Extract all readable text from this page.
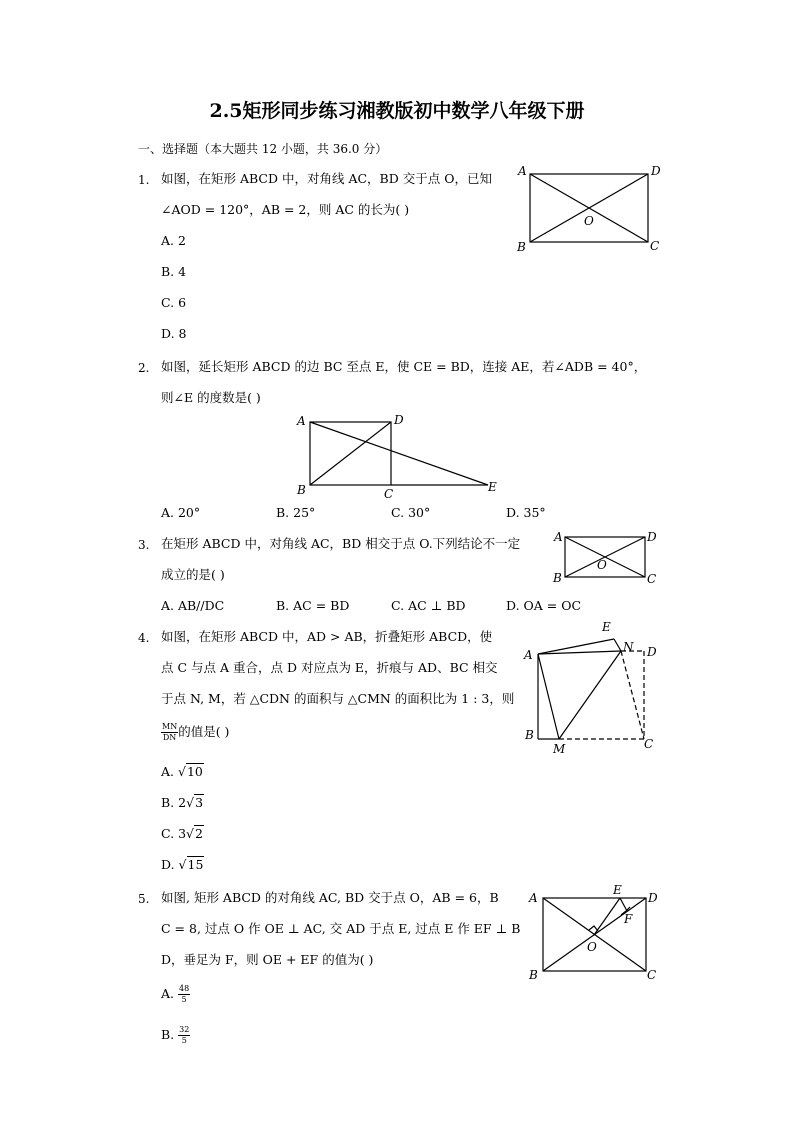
2.5矩形同步练习湘教版初中数学八年级下册
一、选择题（本大题共 12 小题，共 36.0 分）
1. 如图，在矩形 ABCD 中，对角线 AC，BD 交于点 O，已知
∠AOD = 120°，AB = 2，则 AC 的长为( )
A. 2
B. 4
C. 6
D. 8
A	D
O
B	C
2. 如图，延长矩形 ABCD 的边 BC 至点 E，使 CE = BD，连接 AE，若∠ADB = 40°，
则∠E 的度数是( )
A	D
B	C	E
A. 20°	B. 25°	C. 30°	D. 35°
3. 在矩形 ABCD 中，对角线 AC，BD 相交于点 O.下列结论不一定
成立的是( )
A	D
O
B	C
A. AB//DC	B. AC = BD	C. AC ⊥ BD	D. OA = OC
4. 如图，在矩形 ABCD 中，AD > AB，折叠矩形 ABCD，使
点 C 与点 A 重合，点 D 对应点为 E，折痕与 AD、BC 相交
于点 N, M，若 △CDN 的面积与 △CMN 的面积比为 1 : 3，则
$\frac{MN}{DN}$ 的值是( )
A. √10
B. 2√3
C. 3√2
D. √15
E
A
N D
B
M	C
5. 如图, 矩形 ABCD 的对角线 AC, BD 交于点 O，AB = 6，B
C = 8, 过点 O 作 OE ⊥ AC, 交 AD 于点 E, 过点 E 作 EF ⊥ B
D，垂足为 F，则 OE + EF 的值为( )
A. $\frac{48}{5}$
B. $\frac{32}{5}$
A
E
D
F
O
B	C
